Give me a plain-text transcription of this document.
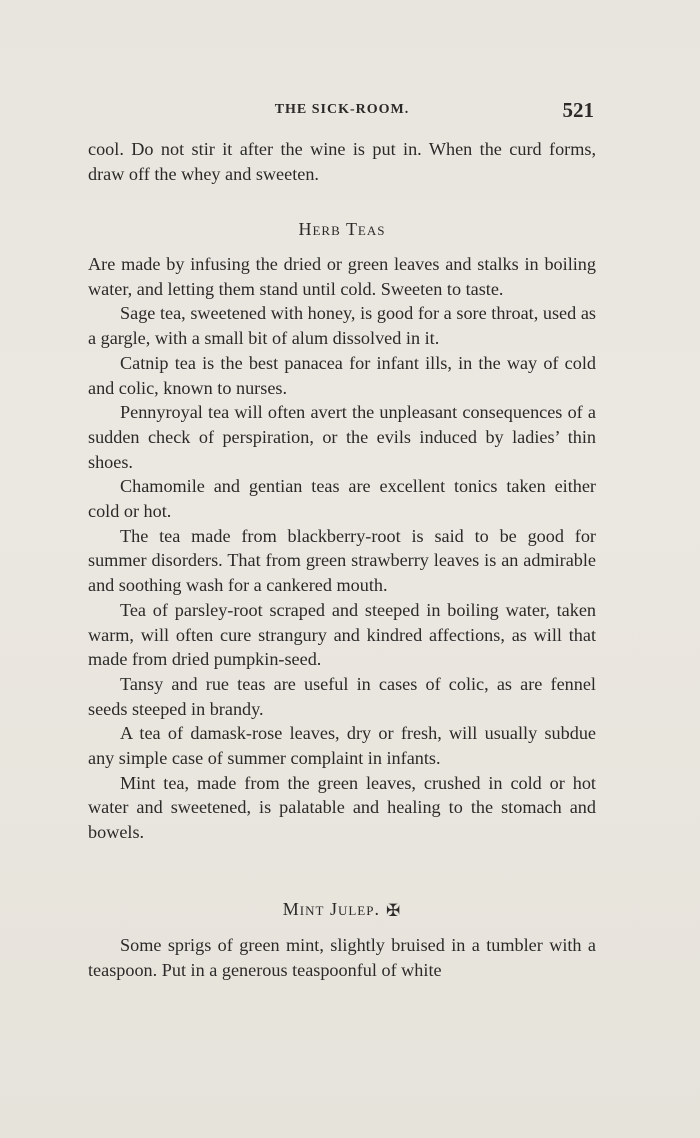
THE SICK-ROOM.	521

cool. Do not stir it after the wine is put in. When the curd forms, draw off the whey and sweeten.

Herb Teas

Are made by infusing the dried or green leaves and stalks in boiling water, and letting them stand until cold. Sweeten to taste.

Sage tea, sweetened with honey, is good for a sore throat, used as a gargle, with a small bit of alum dissolved in it.

Catnip tea is the best panacea for infant ills, in the way of cold and colic, known to nurses.

Pennyroyal tea will often avert the unpleasant consequences of a sudden check of perspiration, or the evils induced by ladies’ thin shoes.

Chamomile and gentian teas are excellent tonics taken either cold or hot.

The tea made from blackberry-root is said to be good for summer disorders. That from green strawberry leaves is an admirable and soothing wash for a cankered mouth.

Tea of parsley-root scraped and steeped in boiling water, taken warm, will often cure strangury and kindred affections, as will that made from dried pumpkin-seed.

Tansy and rue teas are useful in cases of colic, as are fennel seeds steeped in brandy.

A tea of damask-rose leaves, dry or fresh, will usually subdue any simple case of summer complaint in infants.

Mint tea, made from the green leaves, crushed in cold or hot water and sweetened, is palatable and healing to the stomach and bowels.

Mint Julep. ✠

Some sprigs of green mint, slightly bruised in a tumbler with a teaspoon. Put in a generous teaspoonful of white
